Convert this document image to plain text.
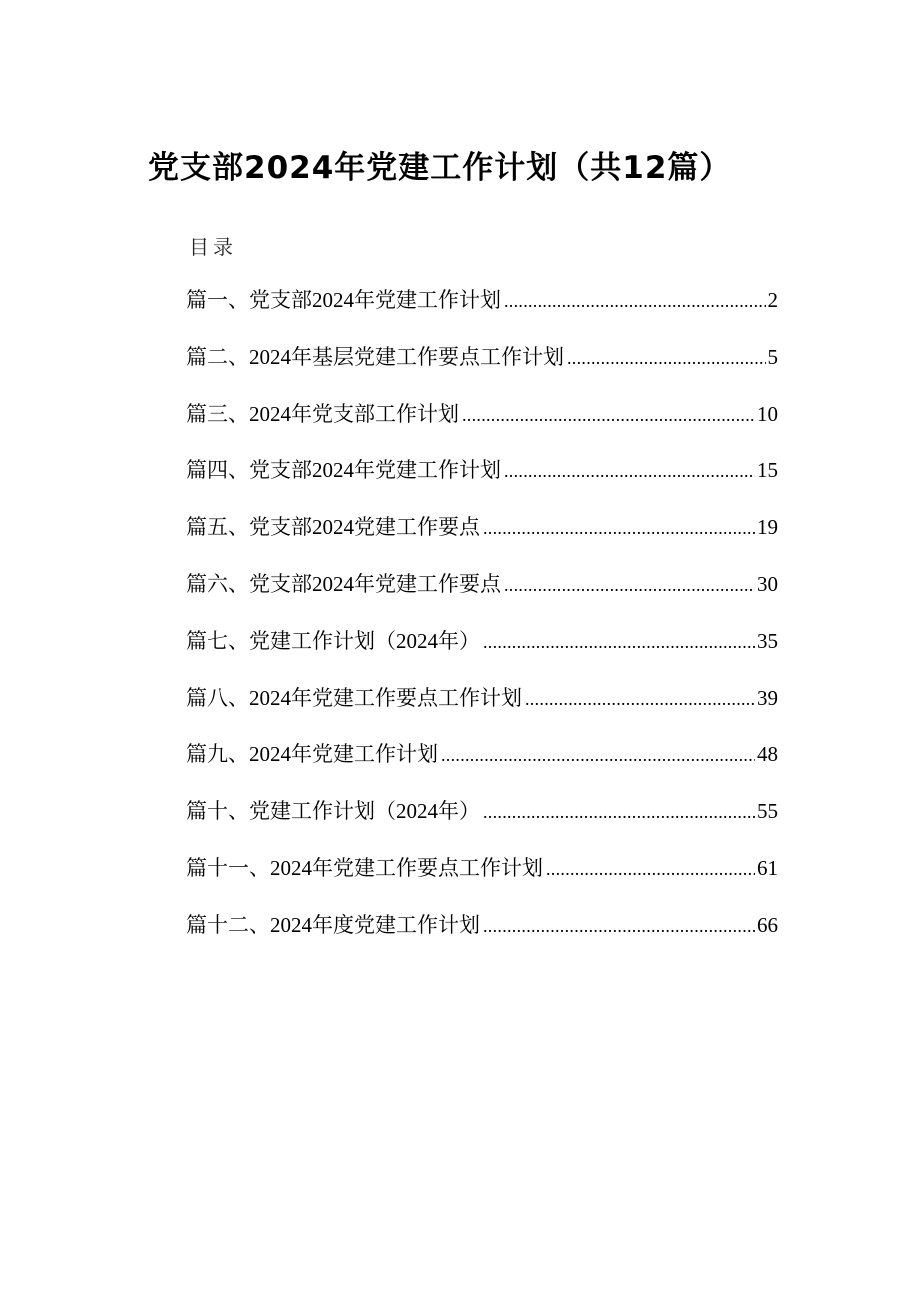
党支部2024年党建工作计划（共12篇）
目录
篇一、党支部2024年党建工作计划 .....	2
篇二、2024年基层党建工作要点工作计划 .....	5
篇三、2024年党支部工作计划 .....	10
篇四、党支部2024年党建工作计划 .....	15
篇五、党支部2024党建工作要点 .....	19
篇六、党支部2024年党建工作要点 .....	30
篇七、党建工作计划（2024年） .....	35
篇八、2024年党建工作要点工作计划 .....	39
篇九、2024年党建工作计划 .....	48
篇十、党建工作计划（2024年） .....	55
篇十一、2024年党建工作要点工作计划 .....	61
篇十二、2024年度党建工作计划 .....	66
